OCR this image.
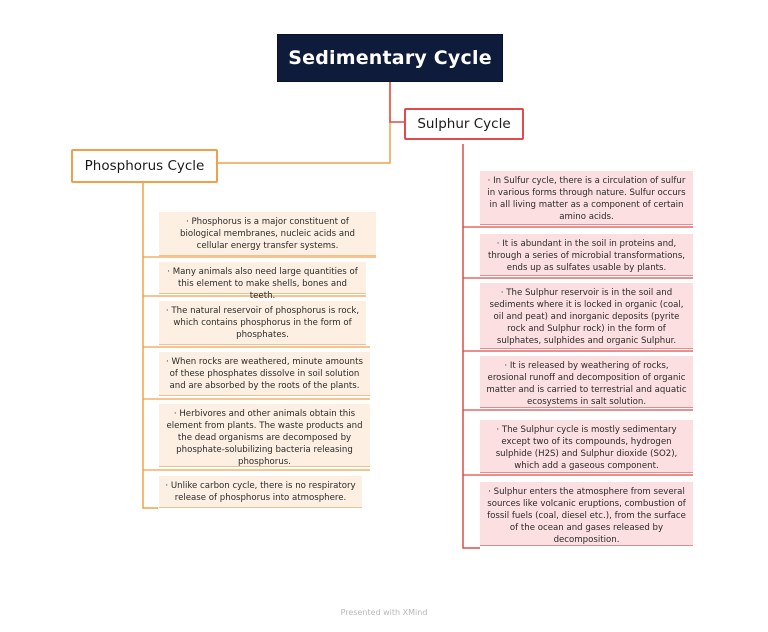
Sedimentary Cycle
Phosphorus Cycle
Sulphur Cycle
· Phosphorus is a major constituent of biological membranes, nucleic acids and cellular energy transfer systems.
· Many animals also need large quantities of this element to make shells, bones and teeth.
· The natural reservoir of phosphorus is rock, which contains phosphorus in the form of phosphates.
· When rocks are weathered, minute amounts of these phosphates dissolve in soil solution and are absorbed by the roots of the plants.
· Herbivores and other animals obtain this element from plants. The waste products and the dead organisms are decomposed by phosphate-solubilizing bacteria releasing phosphorus.
· Unlike carbon cycle, there is no respiratory release of phosphorus into atmosphere.
· In Sulfur cycle, there is a circulation of sulfur in various forms through nature. Sulfur occurs in all living matter as a component of certain amino acids.
· It is abundant in the soil in proteins and, through a series of microbial transformations, ends up as sulfates usable by plants.
· The Sulphur reservoir is in the soil and sediments where it is locked in organic (coal, oil and peat) and inorganic deposits (pyrite rock and Sulphur rock) in the form of sulphates, sulphides and organic Sulphur.
· It is released by weathering of rocks, erosional runoff and decomposition of organic matter and is carried to terrestrial and aquatic ecosystems in salt solution.
· The Sulphur cycle is mostly sedimentary except two of its compounds, hydrogen sulphide (H2S) and Sulphur dioxide (SO2), which add a gaseous component.
· Sulphur enters the atmosphere from several sources like volcanic eruptions, combustion of fossil fuels (coal, diesel etc.), from the surface of the ocean and gases released by decomposition.
Presented with XMind
